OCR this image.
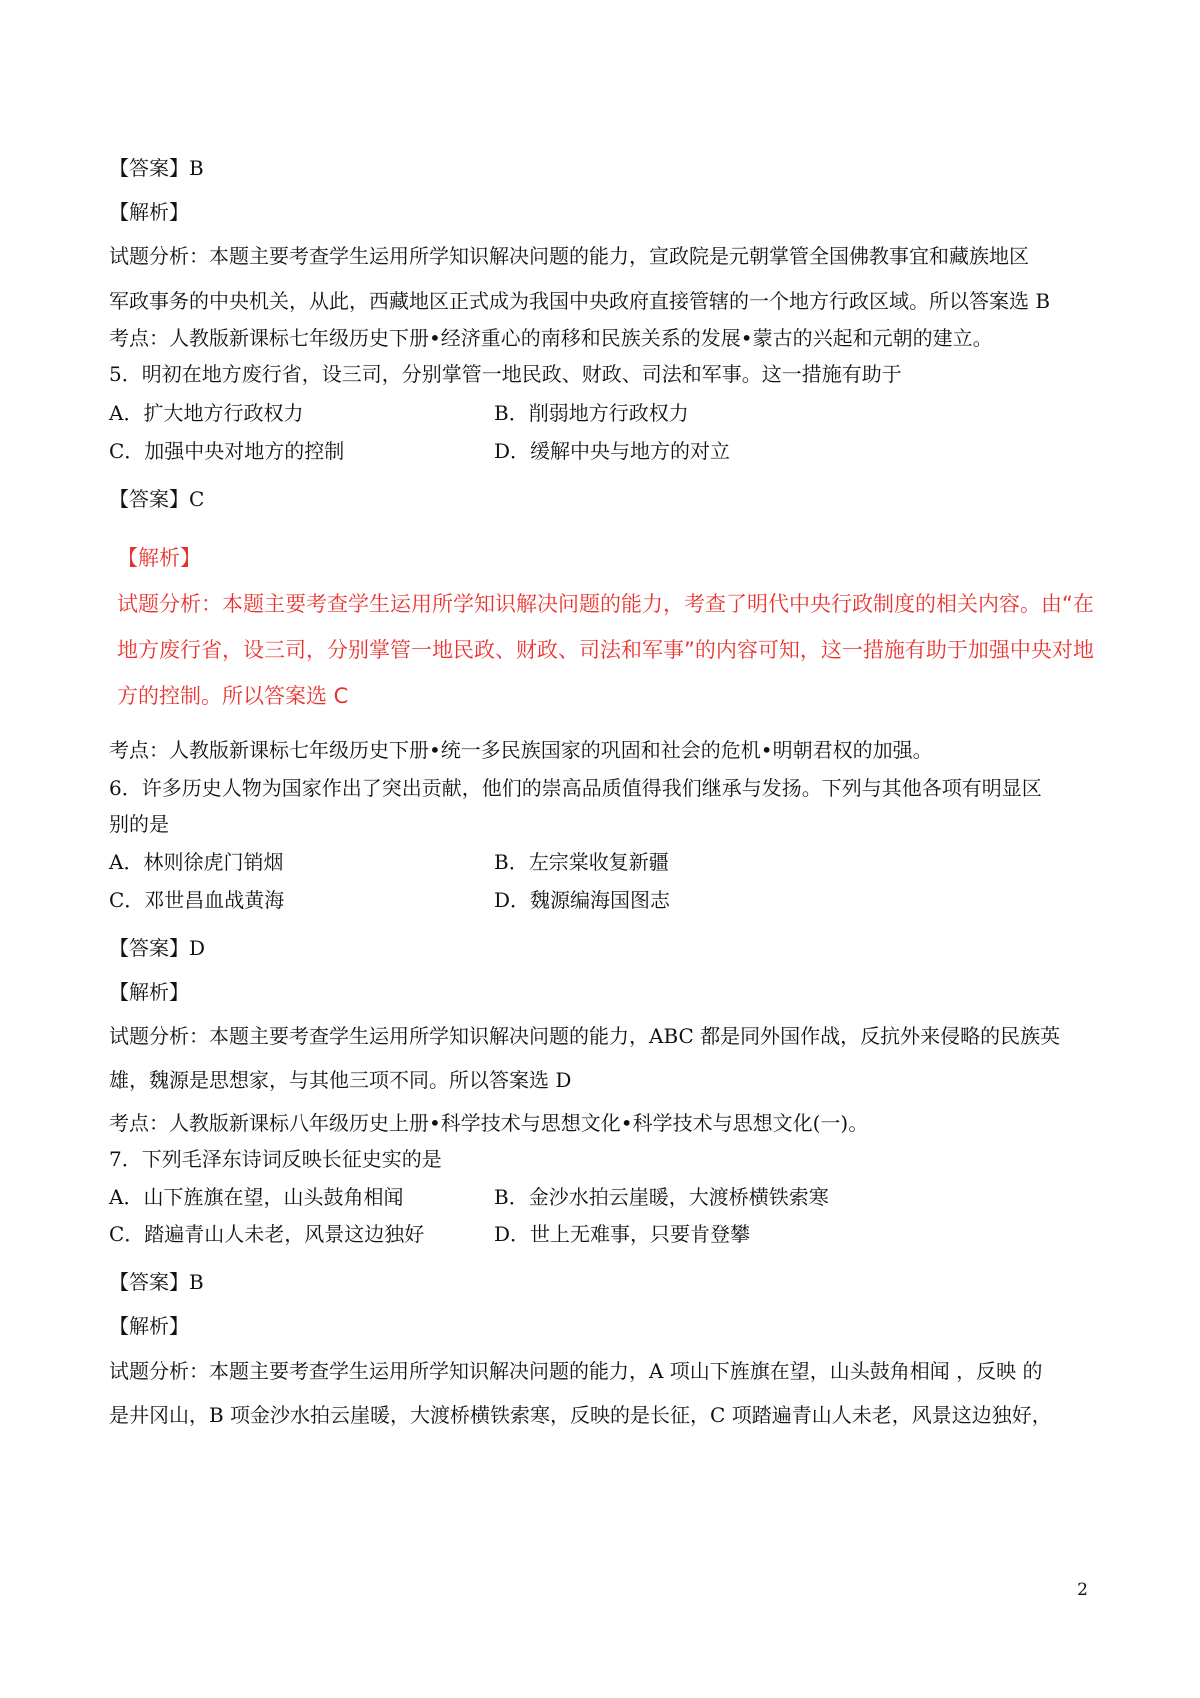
【答案】B
【解析】
试题分析：本题主要考查学生运用所学知识解决问题的能力，宣政院是元朝掌管全国佛教事宜和藏族地区
军政事务的中央机关，从此，西藏地区正式成为我国中央政府直接管辖的一个地方行政区域。所以答案选 B
考点：人教版新课标七年级历史下册•经济重心的南移和民族关系的发展•蒙古的兴起和元朝的建立。
5．明初在地方废行省，设三司，分别掌管一地民政、财政、司法和军事。这一措施有助于
A．扩大地方行政权力	B．削弱地方行政权力
C．加强中央对地方的控制	D．缓解中央与地方的对立
【答案】C
【解析】
试题分析：本题主要考查学生运用所学知识解决问题的能力，考查了明代中央行政制度的相关内容。由“在
地方废行省，设三司，分别掌管一地民政、财政、司法和军事”的内容可知，这一措施有助于加强中央对地
方的控制。所以答案选 C
考点：人教版新课标七年级历史下册•统一多民族国家的巩固和社会的危机•明朝君权的加强。
6．许多历史人物为国家作出了突出贡献，他们的崇高品质值得我们继承与发扬。下列与其他各项有明显区
别的是
A．林则徐虎门销烟	B．左宗棠收复新疆
C．邓世昌血战黄海	D．魏源编海国图志
【答案】D
【解析】
试题分析：本题主要考查学生运用所学知识解决问题的能力，ABC 都是同外国作战，反抗外来侵略的民族英
雄，魏源是思想家，与其他三项不同。所以答案选 D
考点：人教版新课标八年级历史上册•科学技术与思想文化•科学技术与思想文化(一)。
7．下列毛泽东诗词反映长征史实的是
A．山下旌旗在望，山头鼓角相闻	B．金沙水拍云崖暖，大渡桥横铁索寒
C．踏遍青山人未老，风景这边独好	D．世上无难事，只要肯登攀
【答案】B
【解析】
试题分析：本题主要考查学生运用所学知识解决问题的能力，A 项山下旌旗在望，山头鼓角相闻 ，反映 的
是井冈山，B 项金沙水拍云崖暖，大渡桥横铁索寒，反映的是长征，C 项踏遍青山人未老，风景这边独好，
2
